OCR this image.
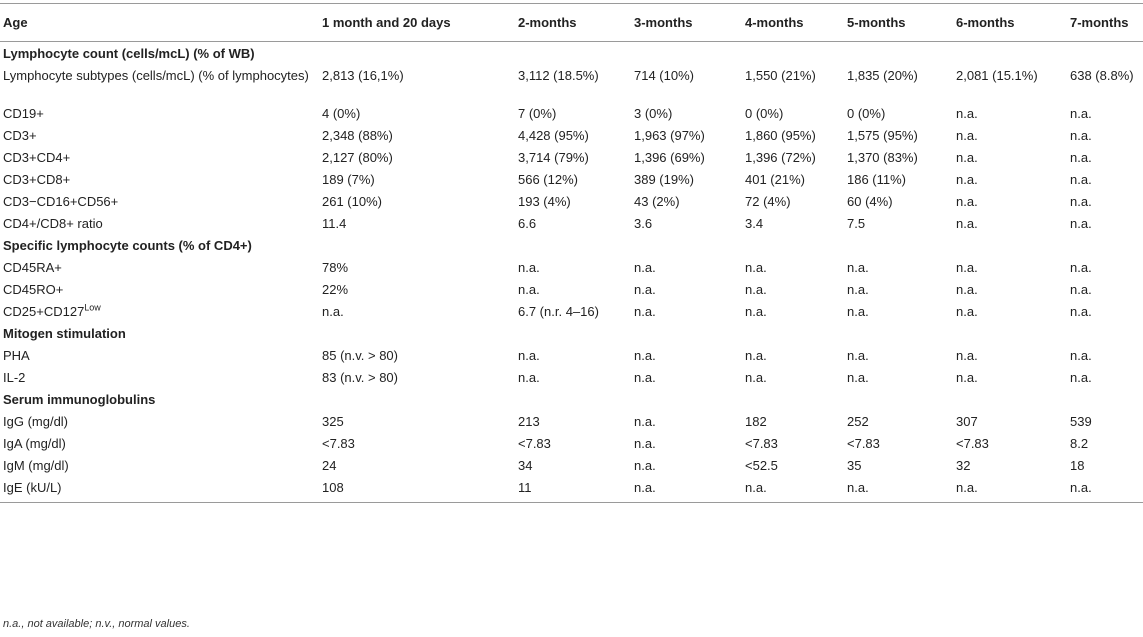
Age	1 month and 20 days	2-months	3-months	4-months	5-months	6-months	7-months
Lymphocyte count (cells/mcL) (% of WB)							
Lymphocyte subtypes (cells/mcL) (% of lymphocytes)	2,813 (16,1%)	3,112 (18.5%)	714 (10%)	1,550 (21%)	1,835 (20%)	2,081 (15.1%)	638 (8.8%)
CD19+	4 (0%)	7 (0%)	3 (0%)	0 (0%)	0 (0%)	n.a.	n.a.
CD3+	2,348 (88%)	4,428 (95%)	1,963 (97%)	1,860 (95%)	1,575 (95%)	n.a.	n.a.
CD3+CD4+	2,127 (80%)	3,714 (79%)	1,396 (69%)	1,396 (72%)	1,370 (83%)	n.a.	n.a.
CD3+CD8+	189 (7%)	566 (12%)	389 (19%)	401 (21%)	186 (11%)	n.a.	n.a.
CD3−CD16+CD56+	261 (10%)	193 (4%)	43 (2%)	72 (4%)	60 (4%)	n.a.	n.a.
CD4+/CD8+ ratio	11.4	6.6	3.6	3.4	7.5	n.a.	n.a.
Specific lymphocyte counts (% of CD4+)							
CD45RA+	78%	n.a.	n.a.	n.a.	n.a.	n.a.	n.a.
CD45RO+	22%	n.a.	n.a.	n.a.	n.a.	n.a.	n.a.
$CD25+CD127^{Low}$	n.a.	6.7 (n.r. 4–16)	n.a.	n.a.	n.a.	n.a.	n.a.
Mitogen stimulation							
PHA	85 (n.v. > 80)	n.a.	n.a.	n.a.	n.a.	n.a.	n.a.
IL-2	83 (n.v. > 80)	n.a.	n.a.	n.a.	n.a.	n.a.	n.a.
Serum immunoglobulins							
IgG (mg/dl)	325	213	n.a.	182	252	307	539
IgA (mg/dl)	<7.83	<7.83	n.a.	<7.83	<7.83	<7.83	8.2
IgM (mg/dl)	24	34	n.a.	<52.5	35	32	18
IgE (kU/L)	108	11	n.a.	n.a.	n.a.	n.a.	n.a.
n.a., not available; n.v., normal values.
